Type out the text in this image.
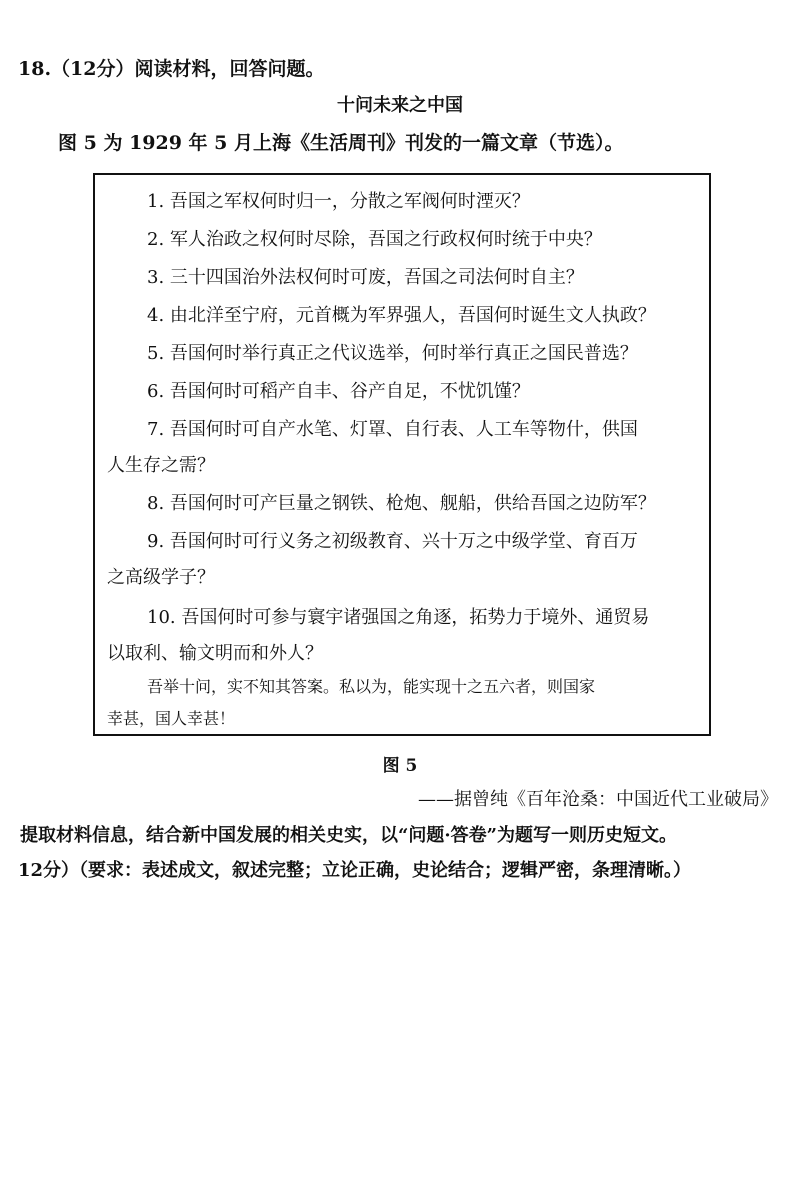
18.（12分）阅读材料，回答问题。
十问未来之中国
图 5 为 1929 年 5 月上海《生活周刊》刊发的一篇文章（节选）。
1. 吾国之军权何时归一，分散之军阀何时湮灭？
2. 军人治政之权何时尽除，吾国之行政权何时统于中央？
3. 三十四国治外法权何时可废，吾国之司法何时自主？
4. 由北洋至宁府，元首概为军界强人，吾国何时诞生文人执政？
5. 吾国何时举行真正之代议选举，何时举行真正之国民普选？
6. 吾国何时可稻产自丰、谷产自足，不忧饥馑？
7. 吾国何时可自产水笔、灯罩、自行表、人工车等物什，供国
人生存之需？
8. 吾国何时可产巨量之钢铁、枪炮、舰船，供给吾国之边防军？
9. 吾国何时可行义务之初级教育、兴十万之中级学堂、育百万
之高级学子？
10. 吾国何时可参与寰宇诸强国之角逐，拓势力于境外、通贸易
以取利、输文明而和外人？
吾举十问，实不知其答案。私以为，能实现十之五六者，则国家
幸甚，国人幸甚！
图 5
——据曾纯《百年沧桑：中国近代工业破局》
提取材料信息，结合新中国发展的相关史实，以“问题·答卷”为题写一则历史短文。
12分）（要求：表述成文，叙述完整；立论正确，史论结合；逻辑严密，条理清晰。）
